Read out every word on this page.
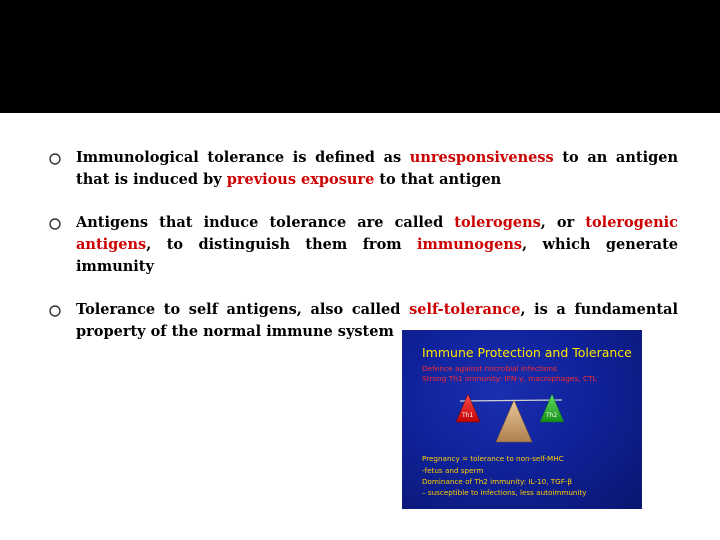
Immunological tolerance is defined as unresponsiveness to an antigen that is induced by previous exposure to that antigen
Antigens that induce tolerance are called tolerogens, or tolerogenic antigens, to distinguish them from immunogens, which generate immunity
Tolerance to self antigens, also called self-tolerance, is a fundamental property of the normal immune system
Th1	Th2
Immune Protection and Tolerance
Defence against microbial infections
Strong Th1 immunity: IFN-γ, macrophages, CTL
Pregnancy = tolerance to non-self-MHC
-fetus and sperm
Dominance of Th2 immunity: IL-10, TGF-β
– susceptible to infections, less autoimmunity
